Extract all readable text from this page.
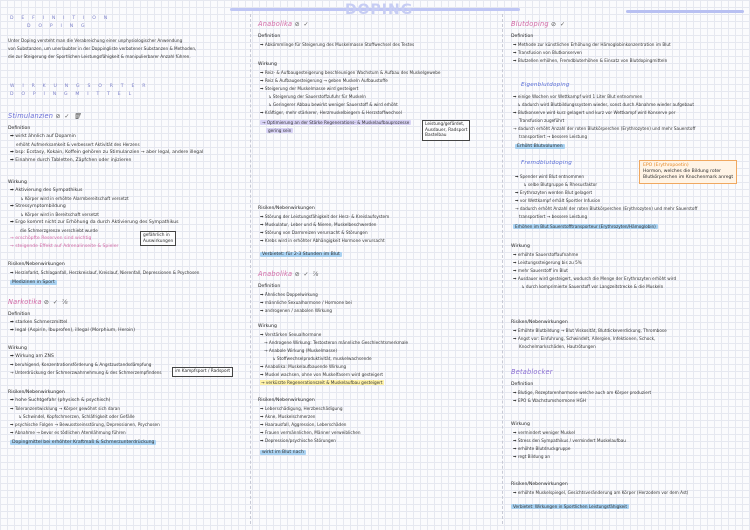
DOPING
D E F I N I T I O N
D O P I N G
Unter Doping versteht man die Verabreichung einer unphysiologischer Anwendung
von Substanzen, um unerlaubter in der Doppingliste verbotener Substanzen & Methoden,
die zur Steigerung der Sportlichen Leistungsfähigkeit & manipulierbarer Anzahl führen.
W I R K U N G S O R T E R
D O P I N G M I T T E L
Stimulanzien ⊘ ✓ 🗑
Definition
➡ wirkt ähnlich auf Dopamin
erhöht Aufmerksamkeit & verbessert Aktivität des Herzens
➡ bsp: Ecstasy, Kokain, Koffein gehören zu Stimulanzien → aber legal, andere illegal
➡ Einahme durch Tabletten, Zäpfchen oder injizieren
Wirkung
➡ Aktivierung des Sympathikus
↳ Körper wird in erhöhte Alarmbereitschaft versetzt
➡ Stressymptombildung
↳ Körper wird in Bereitschaft versetzt
➡ Ergo kommt nicht zur Erhöhung da durch Aktivierung des Sympathikus
die Schmerzgrenze verschiebt wurde
→ erschöpfte Reserven sind wichtig
→ steigende Effekt auf Adrenalinseite & Spieler
gefährlich in
Auswirkungen
Risiken/Nebenwirkungen
➡ Herzinfarkt, Schlaganfall, Herzkreislauf, Kreislauf, Nierenfall, Depressionen & Psychosen
Medizinen in Sport
Narkotika ⊘ ✓ ⅞
Definition
➡ starken Schmerzmittel
➡ legal (Aspirin, Ibuprofen), illegal (Morphium, Heroin)
Wirkung
➡ Wirkung am ZNS
➡ beruhigend, Konzentrationsförderung & Angstzustandsdämpfung
→ Unterdrückung der Schmerzwahrnehmung & des Schmerzempfindens	im Kampfsport / Radsport
Risiken/Nebenwirkungen
➡ hohe Suchtgefahr (physisch & psychisch)
➡ Toleranzentwicklung → Körper gewöhnt sich daran
↳ Schwindel, Kopfschmerzen, Schläfrigkeit oder Gefälle
➡ psychische Folgen → Bewusstseinsstörung, Depressionen, Psychosen
➡ Abnahme → bevor es tödlichen Atemlähmung führen
Dopingmittel bei erhöhter Kraftmaß & Schmerzunterdrückung
Anabolika ⊘ ✓
Definition
➡ Abkömmlinge für Steigerung des Muskelmasse Stoffwechsel des Testes
Wirkung
➡ Reiz- & Aufbaugesteigerung beschleunigen Wachstum & Aufbau des Muskelgewebe
➡ Reiz & Aufbaugesteigerung → geben Muskeln Aufbaustoffe
➡ Steigerung der Muskelmasse wird gesteigert
↳ Steigerung der Sauerstoffzufuhr für Muskeln
↳ Geringerer Abbau bewirkt weniger Sauerstoff & wird erhöht
➡ Kräftiger, mehr stärkerer, Herzmuskelbiegern & Herzstoffwechsel
→ Optimierung an der Stärke Regenerations- & Muskelaufbauprozesse
gering sein
Leistung/gefärdet,
Ausdauer, Radsport
Bastelbau
Risiken/Nebenwirkungen
➡ Störung der Leistungsfähigkeit der Herz- & Kreislaufsystem
➡ Muskulatur, Leber und & Nieren, Muskelbeschwerden
➡ Störung von Darmreizen verursacht & Störungen
➡ Krebs wird in erhöhter Abhängigkeit Hormone verursacht
Verbietet: für 2-3 Stunden im Blut
Anabolika ⊘ ✓ ⅞
Definition
➡ Ähnliches Doppelwirkung
➡ männliche Sexualhormone / Hormone bei
➡ androgenen / anabolen Wirkung
Wirkung
➡ Verstärken Sexualhormone
→ Androgene Wirkung: Testosteron männliche Geschlechtsmerkmale
→ Anabole Wirkung (Muskelmasse)
↳ Stoffwechselproduktivität, muskelwachsende
➡ Anabolika: Muskelaufbauende Wirkung
➡ Muskel wachsen, ohne von Muskelfasern wird gesteigert
→ verkürzte Regenerationszeit & Muskelaufbau gesteigert
Risiken/Nebenwirkungen
➡ Leberschädigung, Herzbeschädigung
➡ Akne, Muskelschmerzen
➡ Haarausfall, Aggression, Leberschäden
➡ Frauen vermännlichen, Männer verweiblichen
➡ Depression/psychische Störungen
wirkt im Blut nach
Blutdoping ⊘ ✓
Definition
➡ Methode zur künstlichen Erhöhung der Hämoglobinkonzentration im Blut
➡ Transfusion von Blutkonserven
➡ Blutzellen erhöhen, Fremdbluterhöhen & Einsatz von Blutdopingmitteln
Eigenblutdoping
➡ einige Wochen vor Wettkampf wird 1 Liter Blut entnommen
↳ dadurch wird Blutbildungssystem wieder, sonst durch Abnahme wieder aufgebaut
➡ Blutkonserve wird kurz gelagert und kurz vor Wettkampf wird Konserve per
Transfusion zugeführt
→ dadurch erhöht Anzahl der roten Blutkörperchen (Erythrozyten) und mehr Sauerstoff
transportiert → bessere Leistung
Erhöht Blutvolumen
Fremdblutdoping	EPO (Erythropoetin)
Hormon, welches die Bildung roter
Blutkörperchen im Knochenmark anregt
➡ Spender wird Blut entnommen
↳ selbe Blutgruppe & Rhesusfaktor
➡ Erythrozyten werden Blut gelagert
➡ vor Wettkampf erhält Sportler Infusion
→ dadurch erhöht Anzahl der roten Blutkörperchen (Erythrozyten) und mehr Sauerstoff
transportiert → bessere Leistung
Erhöhen im Blut Sauerstofftransporteur (Erythrozyten/Hämoglobin)
Wirkung
➡ erhöhte Sauerstoffaufnahme
➡ Leistungssteigerung bis zu 5%
➡ mehr Sauerstoff im Blut
➡ Ausdauer wird gesteigert, wodurch die Menge der Erythrozyten erhöht wird
↳ durch komprimierte Sauerstoff vor Langzeitstrecke & die Muskeln
Risiken/Nebenwirkungen
➡ Erhöhte Blutbildung → Blut Viskosität, Blutdickeverdickung, Thrombose
➡ Angst vor: Einfuhrung, Schwindelt, Allergien, Infektionen, Schock,
Knochelmarkschäden, Hautrötungen
Betablocker
Definition
➡ Blutige, Rezeptorenhormone welche auch am Körper produziert
➡ EPO & Wachstumshormone HGH
Wirkung
➡ vermindert weniger Muskel
➡ Stress den Sympathikus / vermindert Muskelaufbau
➡ erhöhte Blutdruckgruppe
➡ regt Bildung an
Risiken/Nebenwirkungen
➡ erhöhte Muskelspiegel, Gesichtsveränderung am Körper (Herzodem vor dem Ast)
Verbietet: Wirkungen in Sportlichen Leistungsfähigkeit
